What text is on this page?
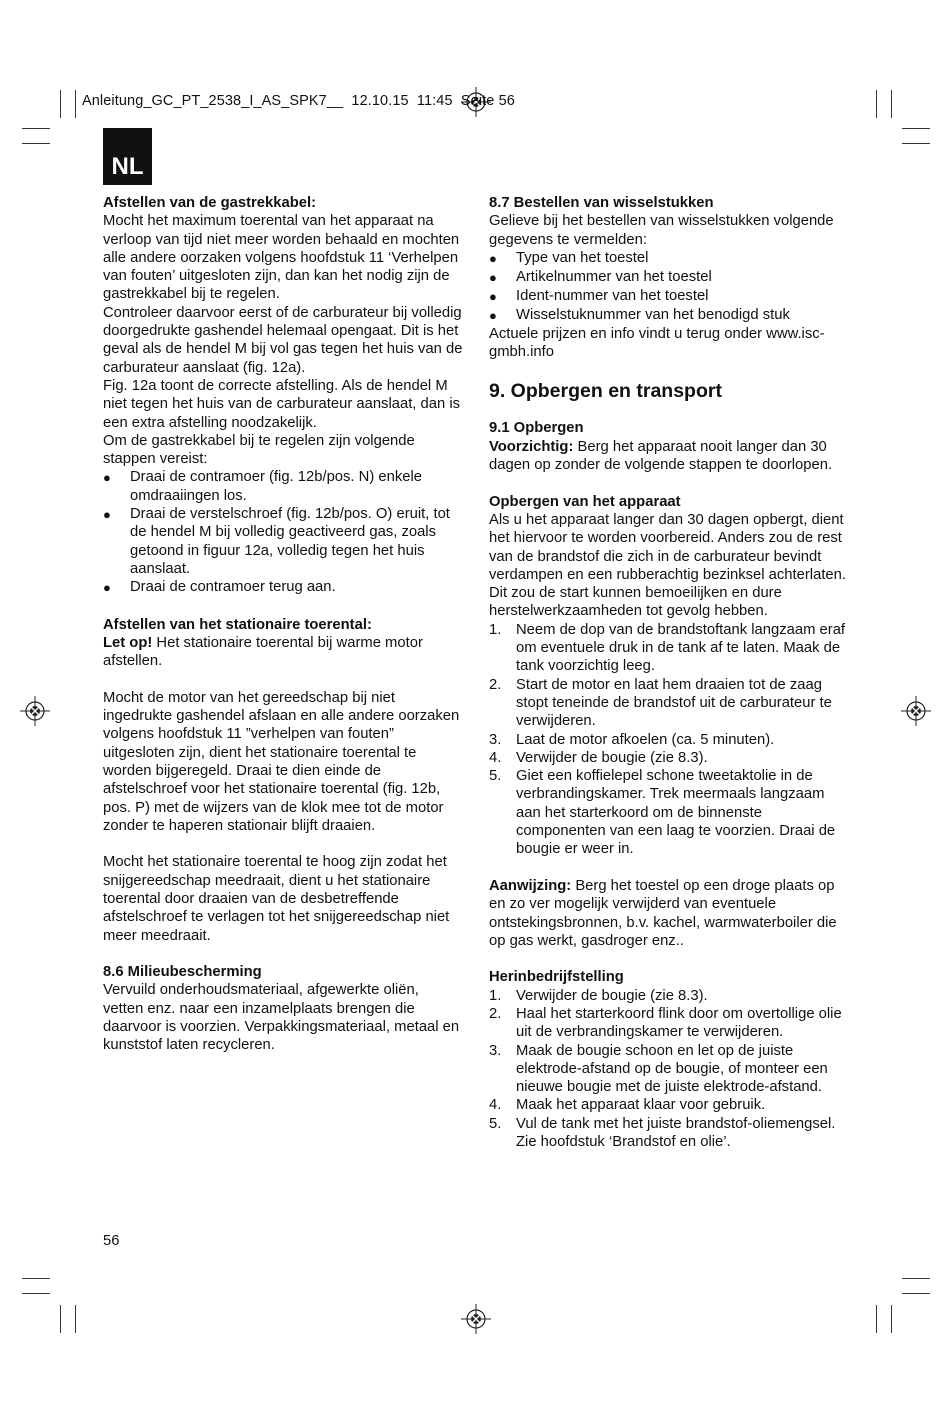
Anleitung_GC_PT_2538_I_AS_SPK7__  12.10.15  11:45  Seite 56
NL

Afstellen van de gastrekkabel:

Mocht het maximum toerental van het apparaat na verloop van tijd niet meer worden behaald en mochten alle andere oorzaken volgens hoofdstuk 11 ‘Verhelpen van fouten’ uitgesloten zijn, dan kan het nodig zijn de gastrekkabel bij te regelen.

Controleer daarvoor eerst of de carburateur bij volledig doorgedrukte gashendel helemaal opengaat. Dit is het geval als de hendel M bij vol gas tegen het huis van de carburateur aanslaat (fig. 12a).

Fig. 12a toont de correcte afstelling. Als de hendel M niet tegen het huis van de carburateur aanslaat, dan is een extra afstelling noodzakelijk.

Om de gastrekkabel bij te regelen zijn volgende stappen vereist:

●	Draai de contramoer (fig. 12b/pos. N) enkele omdraaiingen los.
●	Draai de verstelschroef (fig. 12b/pos. O) eruit, tot de hendel M bij volledig geactiveerd gas, zoals getoond in figuur 12a, volledig tegen het huis aanslaat.
●	Draai de contramoer terug aan.

Afstellen van het stationaire toerental:

Let op! Het stationaire toerental bij warme motor afstellen.

Mocht de motor van het gereedschap bij niet ingedrukte gashendel afslaan en alle andere oorzaken volgens hoofdstuk 11 ”verhelpen van fouten” uitgesloten zijn, dient het stationaire toerental te worden bijgeregeld. Draai te dien einde de afstelschroef voor het stationaire toerental (fig. 12b, pos. P) met de wijzers van de klok mee tot de motor zonder te haperen stationair blijft draaien.

Mocht het stationaire toerental te hoog zijn zodat het snijgereedschap meedraait, dient u het stationaire toerental door draaien van de desbetreffende afstelschroef te verlagen tot het snijgereedschap niet meer meedraait.

8.6 Milieubescherming

Vervuild onderhoudsmateriaal, afgewerkte oliën, vetten enz. naar een inzamelplaats brengen die daarvoor is voorzien. Verpakkingsmateriaal, metaal en kunststof laten recycleren.

8.7 Bestellen van wisselstukken

Gelieve bij het bestellen van wisselstukken volgende gegevens te vermelden:

●	Type van het toestel
●	Artikelnummer van het toestel
●	Ident-nummer van het toestel
●	Wisselstuknummer van het benodigd stuk

Actuele prijzen en info vindt u terug onder www.isc-gmbh.info

9. Opbergen en transport

9.1 Opbergen

Voorzichtig: Berg het apparaat nooit langer dan 30 dagen op zonder de volgende stappen te doorlopen.

Opbergen van het apparaat

Als u het apparaat langer dan 30 dagen opbergt, dient het hiervoor te worden voorbereid. Anders zou de rest van de brandstof die zich in de carburateur bevindt verdampen en een rubberachtig bezinksel achterlaten. Dit zou de start kunnen bemoeilijken en dure herstelwerkzaamheden tot gevolg hebben.

1. Neem de dop van de brandstoftank langzaam eraf om eventuele druk in de tank af te laten. Maak de tank voorzichtig leeg.
2. Start de motor en laat hem draaien tot de zaag stopt teneinde de brandstof uit de carburateur te verwijderen.
3. Laat de motor afkoelen (ca. 5 minuten).
4. Verwijder de bougie (zie 8.3).
5. Giet een koffielepel schone tweetaktolie in de verbrandingskamer. Trek meermaals langzaam aan het starterkoord om de binnenste componenten van een laag te voorzien. Draai de bougie er weer in.

Aanwijzing: Berg het toestel op een droge plaats op en zo ver mogelijk verwijderd van eventuele ontstekingsbronnen, b.v. kachel, warmwaterboiler die op gas werkt, gasdroger enz..

Herinbedrijfstelling

1. Verwijder de bougie (zie 8.3).
2. Haal het starterkoord flink door om overtollige olie uit de verbrandingskamer te verwijderen.
3. Maak de bougie schoon en let op de juiste elektrode-afstand op de bougie, of monteer een nieuwe bougie met de juiste elektrode-afstand.
4. Maak het apparaat klaar voor gebruik.
5. Vul de tank met het juiste brandstof-oliemengsel. Zie hoofdstuk ‘Brandstof en olie’.
56
